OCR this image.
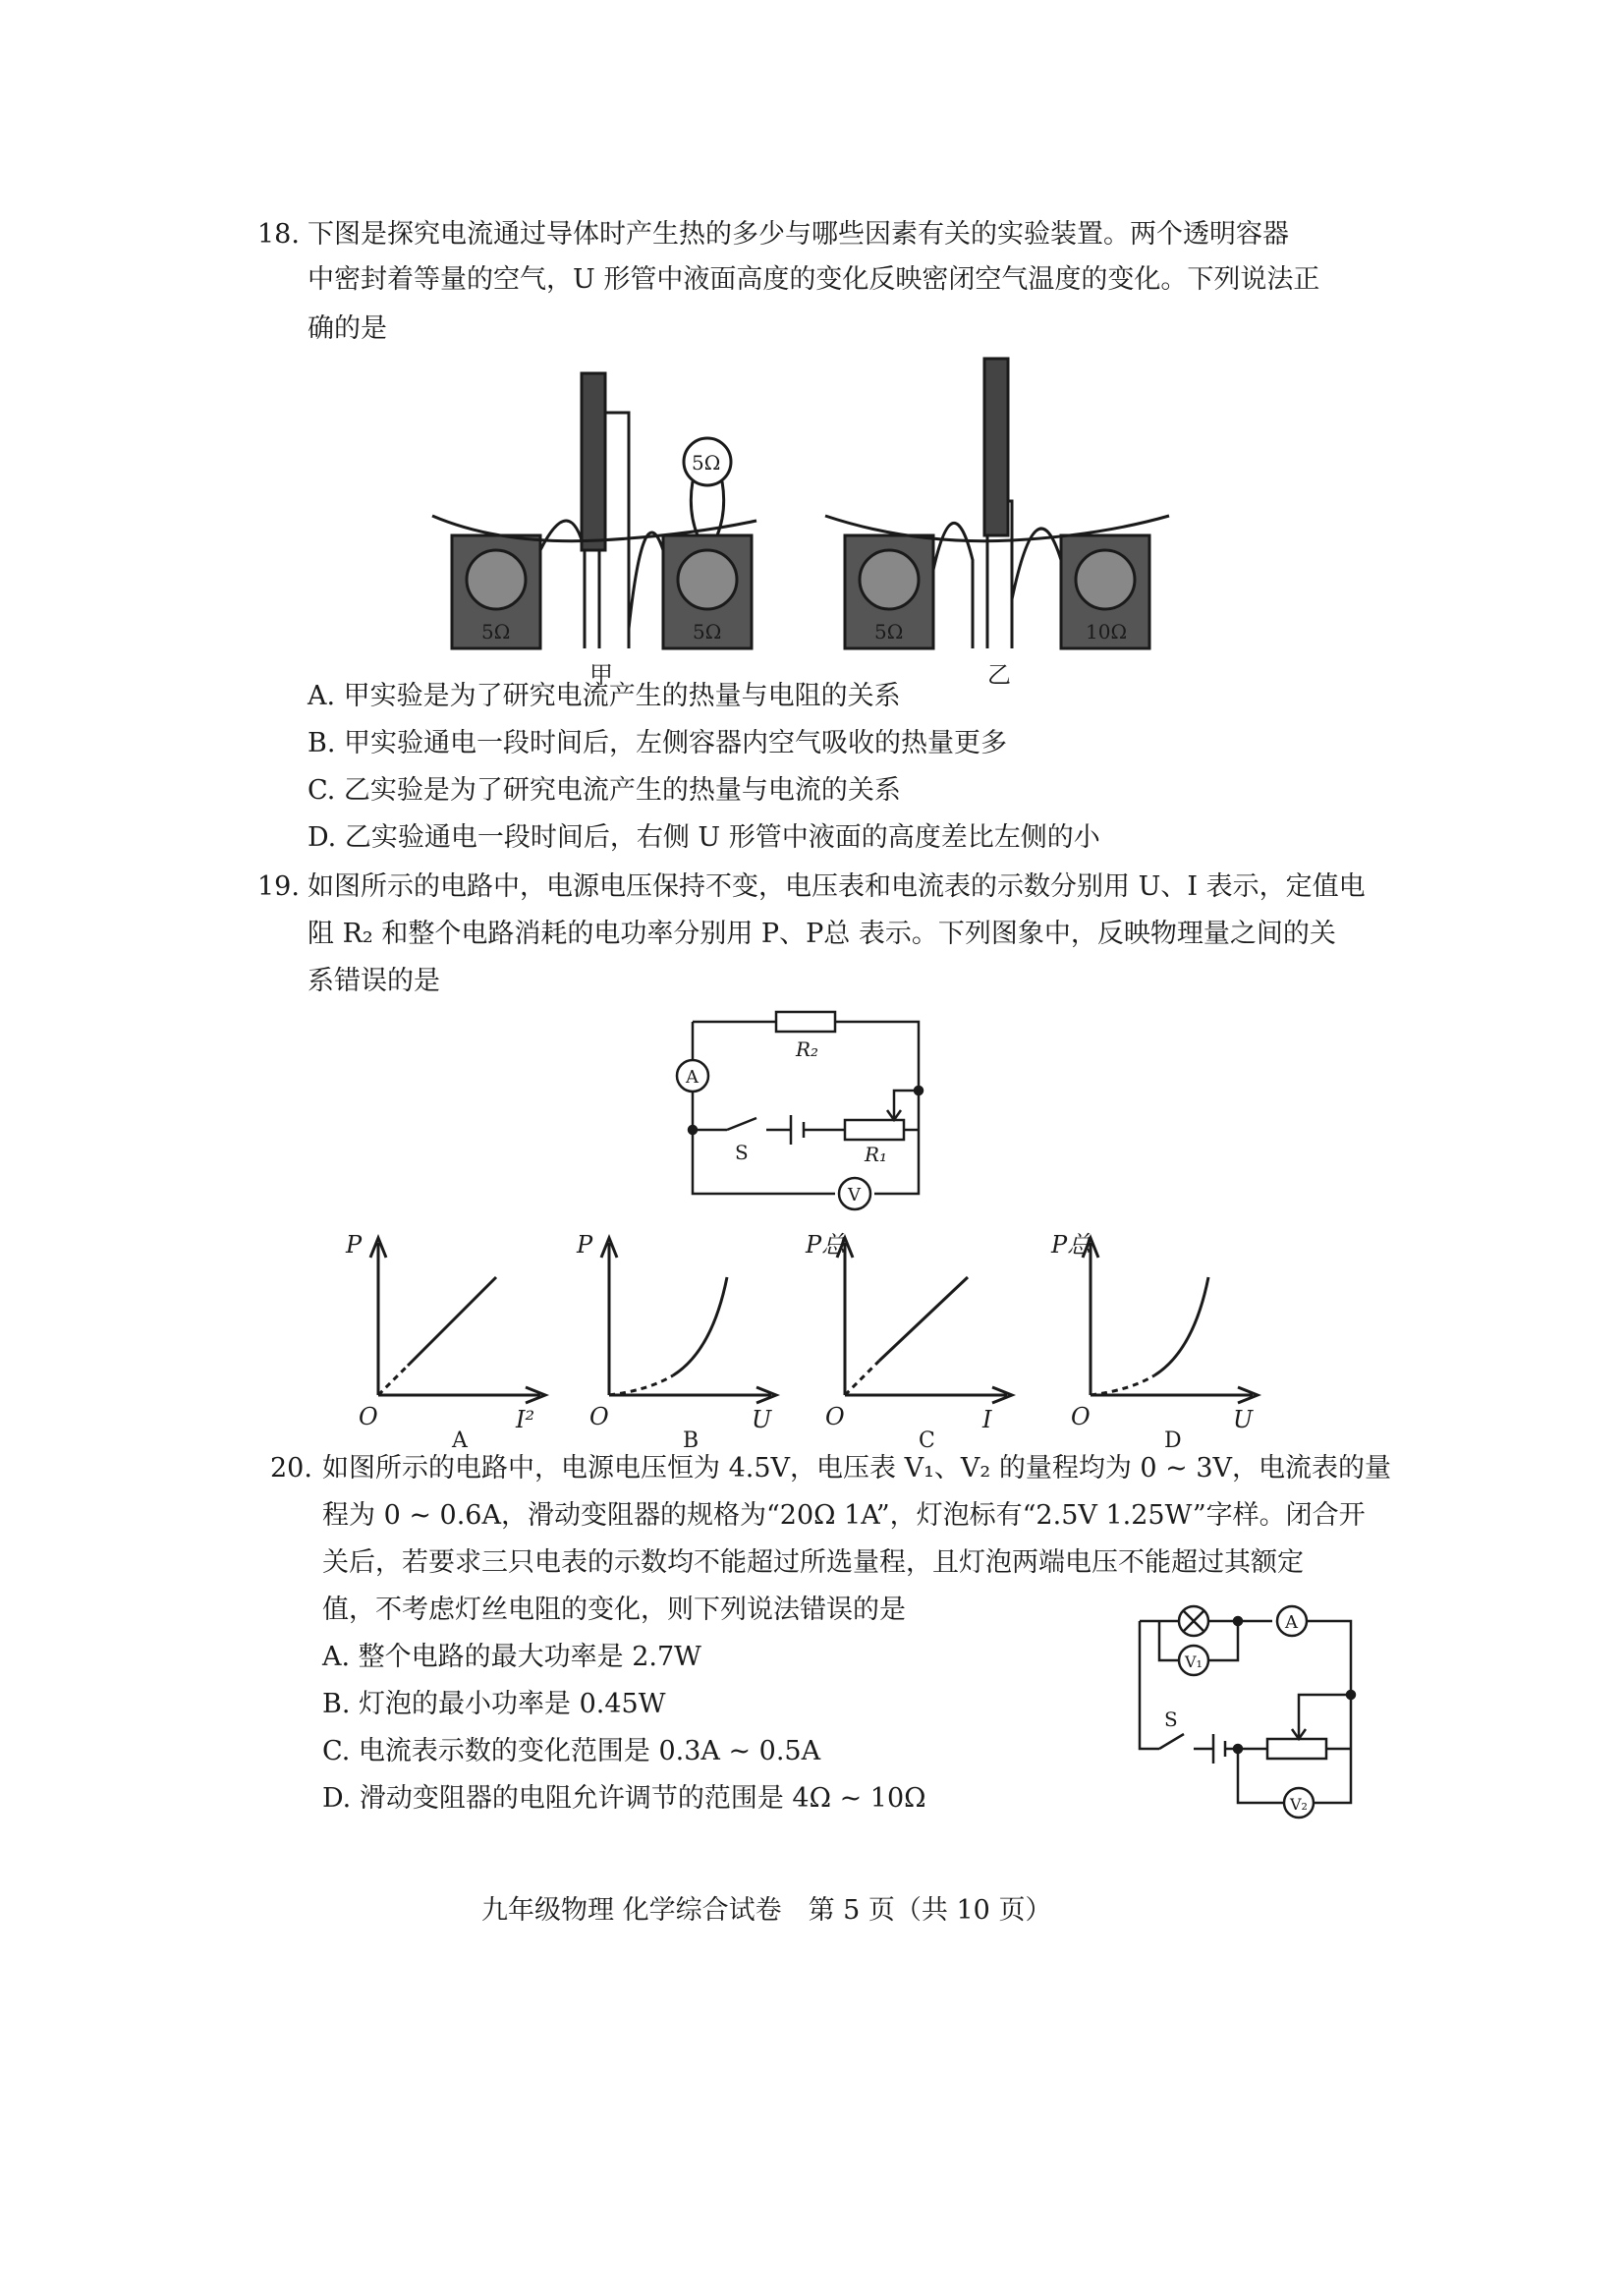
18. 下图是探究电流通过导体时产生热的多少与哪些因素有关的实验装置。两个透明容器
中密封着等量的空气，U 形管中液面高度的变化反映密闭空气温度的变化。下列说法正
确的是
5Ω	5Ω
5Ω
5Ω	10Ω
甲	乙
A. 甲实验是为了研究电流产生的热量与电阻的关系
B. 甲实验通电一段时间后，左侧容器内空气吸收的热量更多
C. 乙实验是为了研究电流产生的热量与电流的关系
D. 乙实验通电一段时间后，右侧 U 形管中液面的高度差比左侧的小
19. 如图所示的电路中，电源电压保持不变，电压表和电流表的示数分别用 U、I 表示，定值电
阻 R₂ 和整个电路消耗的电功率分别用 P、P总 表示。下列图象中，反映物理量之间的关
系错误的是
A
V
S	R₁
R₂
P
O	I²
A
P
O	U
B
P总
O	I
C
P总
O	U
D
20. 如图所示的电路中，电源电压恒为 4.5V，电压表 V₁、V₂ 的量程均为 0 ~ 3V，电流表的量
程为 0 ~ 0.6A，滑动变阻器的规格为“20Ω 1A”，灯泡标有“2.5V 1.25W”字样。闭合开
关后，若要求三只电表的示数均不能超过所选量程，且灯泡两端电压不能超过其额定
值，不考虑灯丝电阻的变化，则下列说法错误的是
A. 整个电路的最大功率是 2.7W
B. 灯泡的最小功率是 0.45W
C. 电流表示数的变化范围是 0.3A ~ 0.5A
D. 滑动变阻器的电阻允许调节的范围是 4Ω ~ 10Ω
A
V₁
V₂
S
九年级物理 化学综合试卷　第 5 页（共 10 页）
